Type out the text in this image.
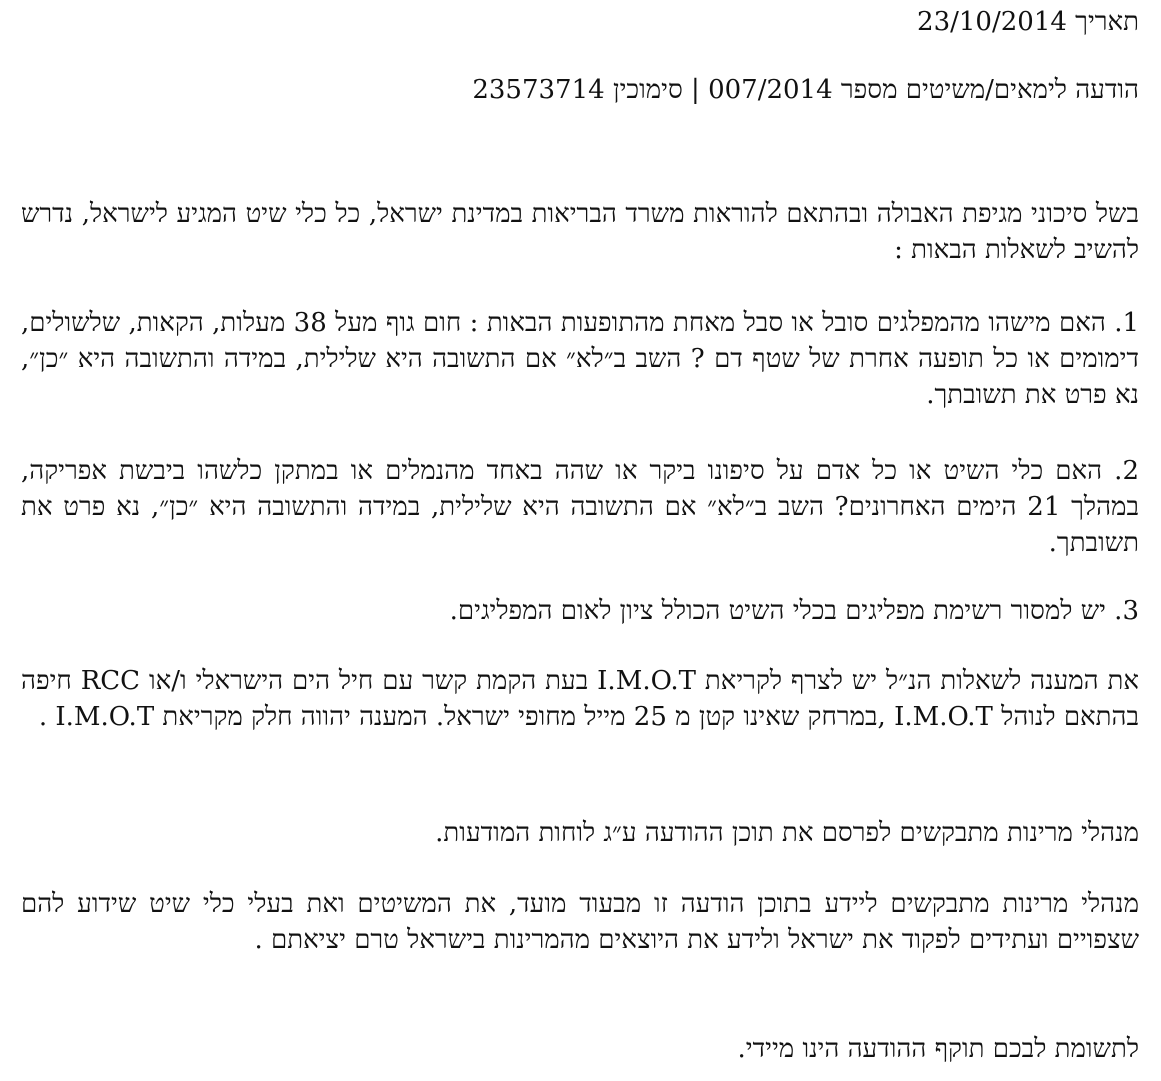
תאריך 23/10/2014
הודעה לימאים/משיטים מספר 007/2014 | סימוכין 23573714

בשל סיכוני מגיפת האבולה ובהתאם להוראות משרד הבריאות במדינת ישראל, כל כלי שיט המגיע לישראל, נדרש להשיב לשאלות הבאות :

1. האם מישהו מהמפלגים סובל או סבל מאחת מהתופעות הבאות : חום גוף מעל 38 מעלות, הקאות, שלשולים, דימומים או כל תופעה אחרת של שטף דם ? השב ב״לא״ אם התשובה היא שלילית, במידה והתשובה היא ״כן״, נא פרט את תשובתך.

2. האם כלי השיט או כל אדם על סיפונו ביקר או שהה באחד מהנמלים או במתקן כלשהו ביבשת אפריקה, במהלך 21 הימים האחרונים? השב ב״לא״ אם התשובה היא שלילית, במידה והתשובה היא ״כן״, נא פרט את תשובתך.

3. יש למסור רשימת מפליגים בכלי השיט הכולל ציון לאום המפליגים.

את המענה לשאלות הנ״ל יש לצרף לקריאת I.M.O.T בעת הקמת קשר עם חיל הים הישראלי ו/או RCC חיפה בהתאם לנוהל I.M.O.T ,במרחק שאינו קטן מ 25 מייל מחופי ישראל. המענה יהווה חלק מקריאת I.M.O.T .

מנהלי מרינות מתבקשים לפרסם את תוכן ההודעה ע״ג לוחות המודעות.

מנהלי מרינות מתבקשים ליידע בתוכן הודעה זו מבעוד מועד, את המשיטים ואת בעלי כלי שיט שידוע להם שצפויים ועתידים לפקוד את ישראל ולידע את היוצאים מהמרינות בישראל טרם יציאתם .

לתשומת לבכם תוקף ההודעה הינו מיידי.
